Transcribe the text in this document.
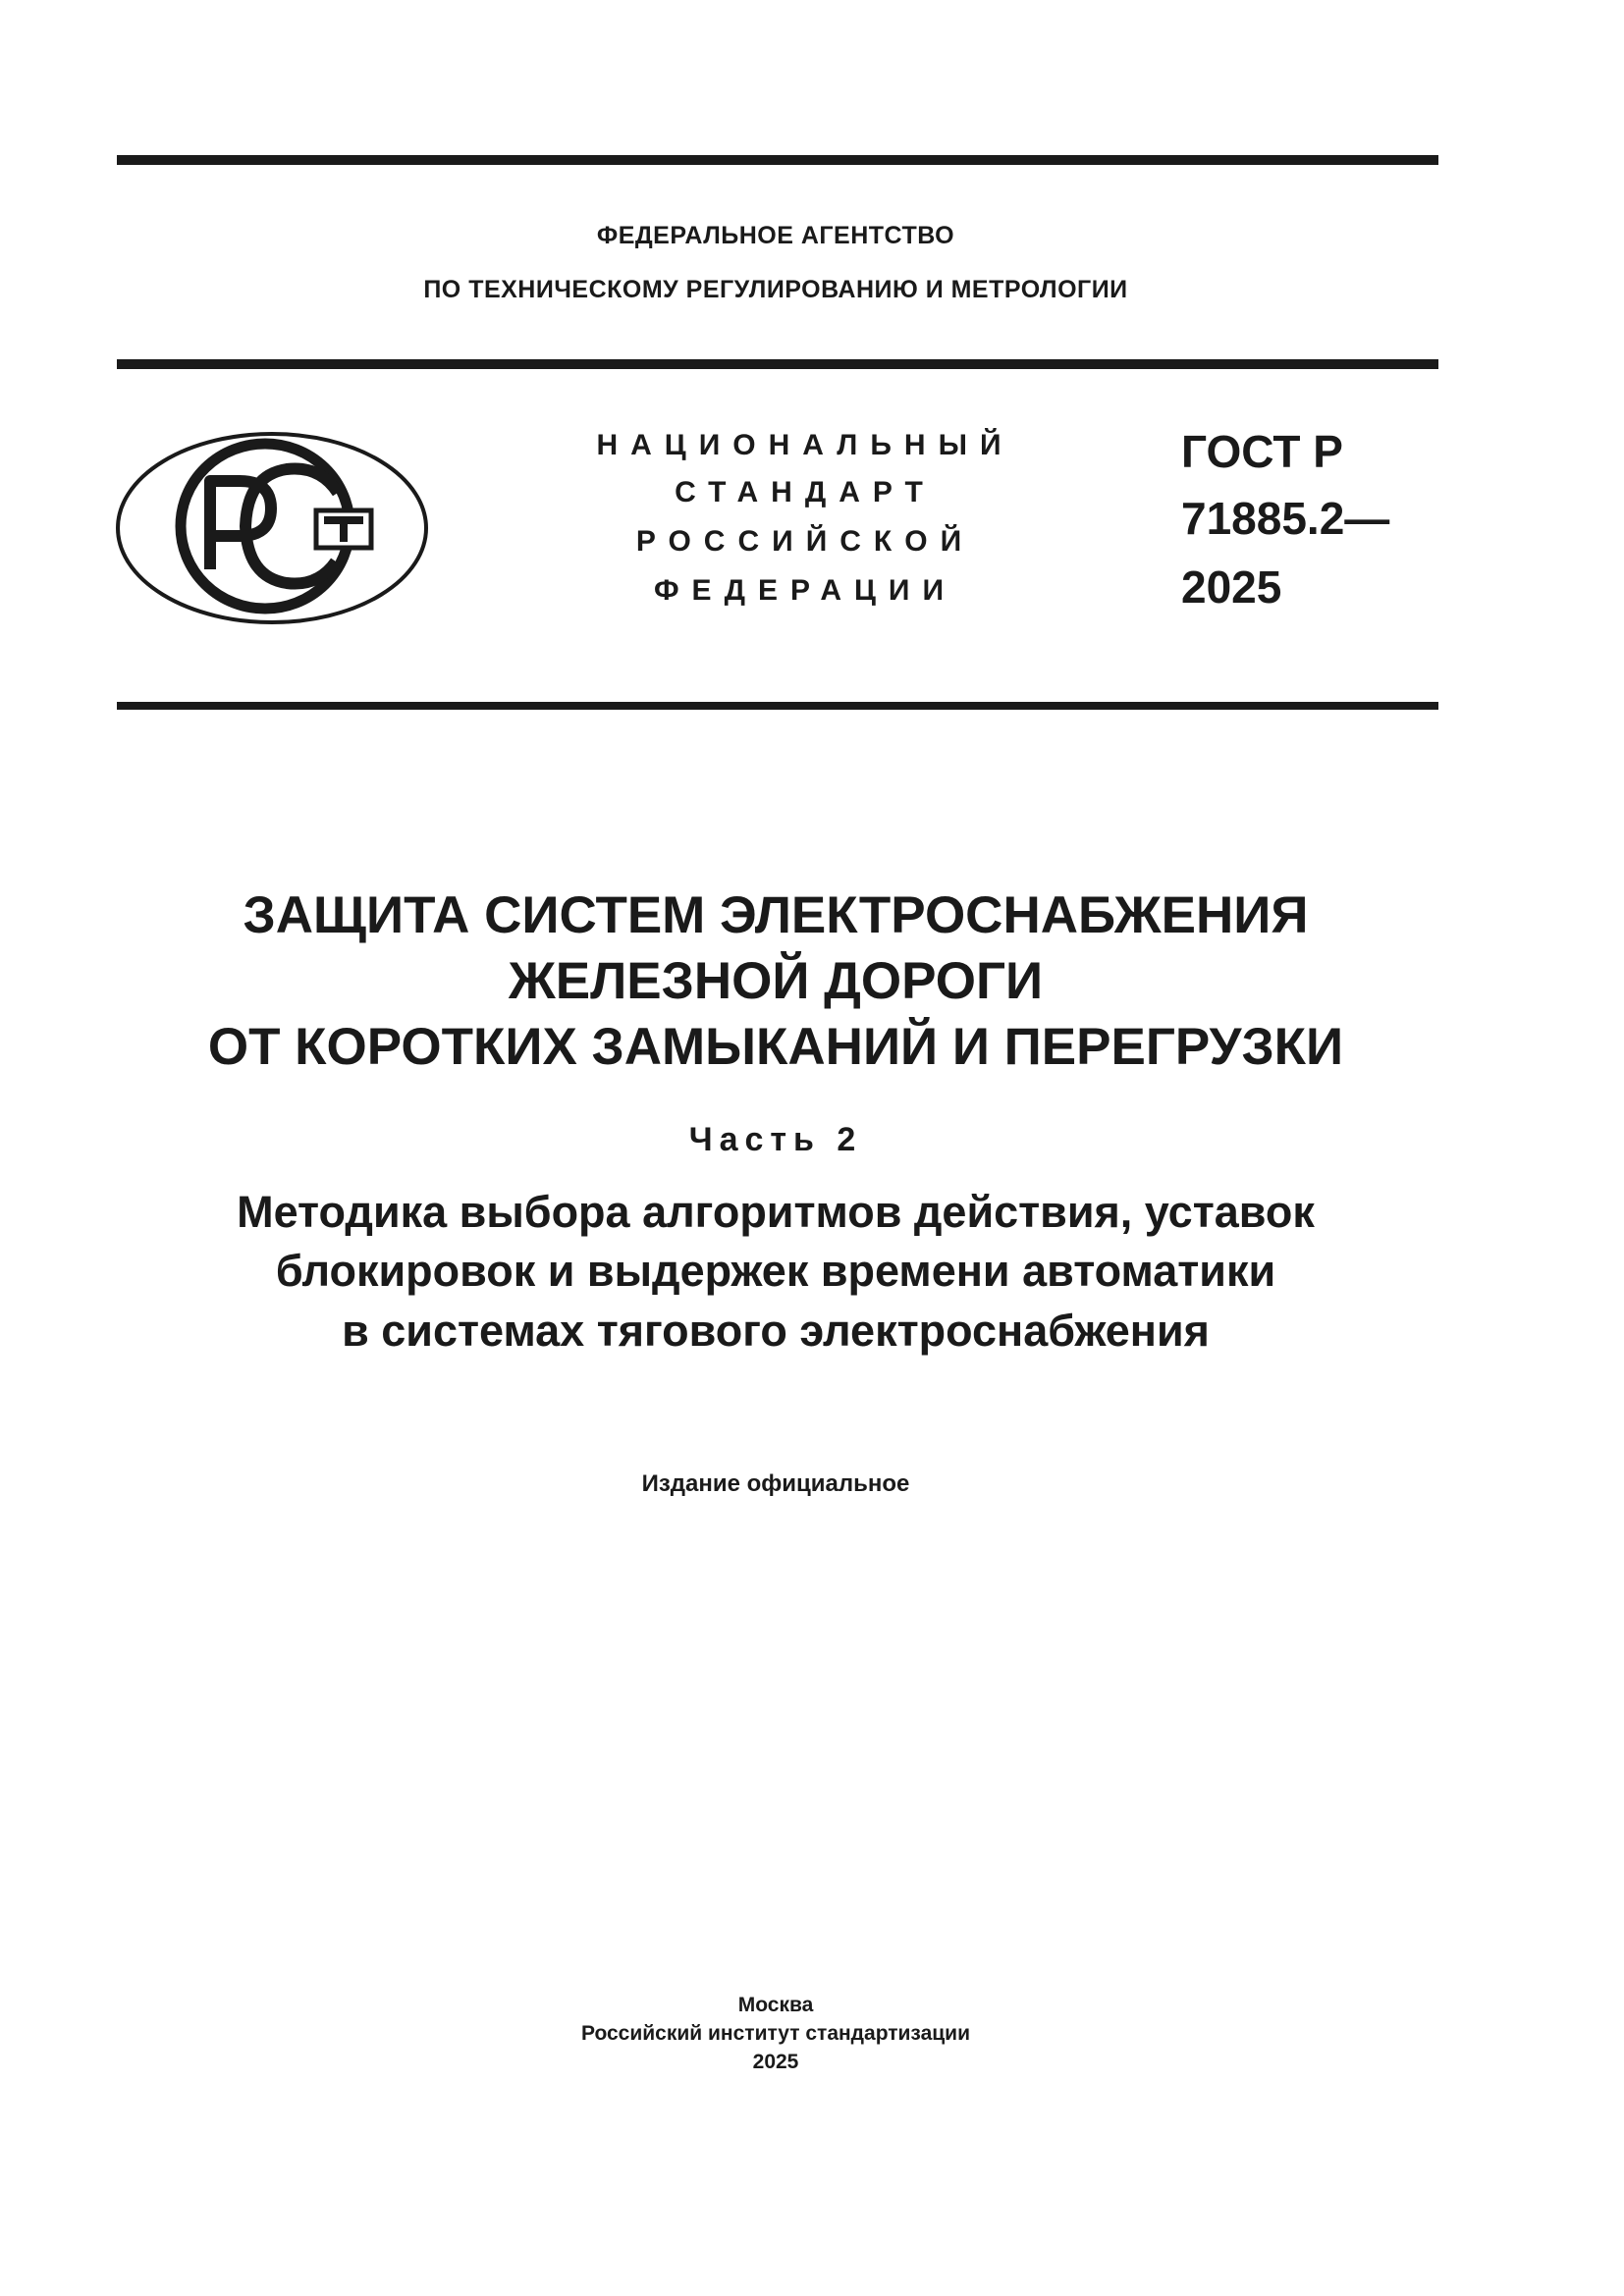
ФЕДЕРАЛЬНОЕ АГЕНТСТВО
ПО ТЕХНИЧЕСКОМУ РЕГУЛИРОВАНИЮ И МЕТРОЛОГИИ
НАЦИОНАЛЬНЫЙ
СТАНДАРТ
РОССИЙСКОЙ
ФЕДЕРАЦИИ
ГОСТ Р
71885.2—
2025
ЗАЩИТА СИСТЕМ ЭЛЕКТРОСНАБЖЕНИЯ
ЖЕЛЕЗНОЙ ДОРОГИ
ОТ КОРОТКИХ ЗАМЫКАНИЙ И ПЕРЕГРУЗКИ
Часть 2
Методика выбора алгоритмов действия, уставок
блокировок и выдержек времени автоматики
в системах тягового электроснабжения
Издание официальное
Москва
Российский институт стандартизации
2025
